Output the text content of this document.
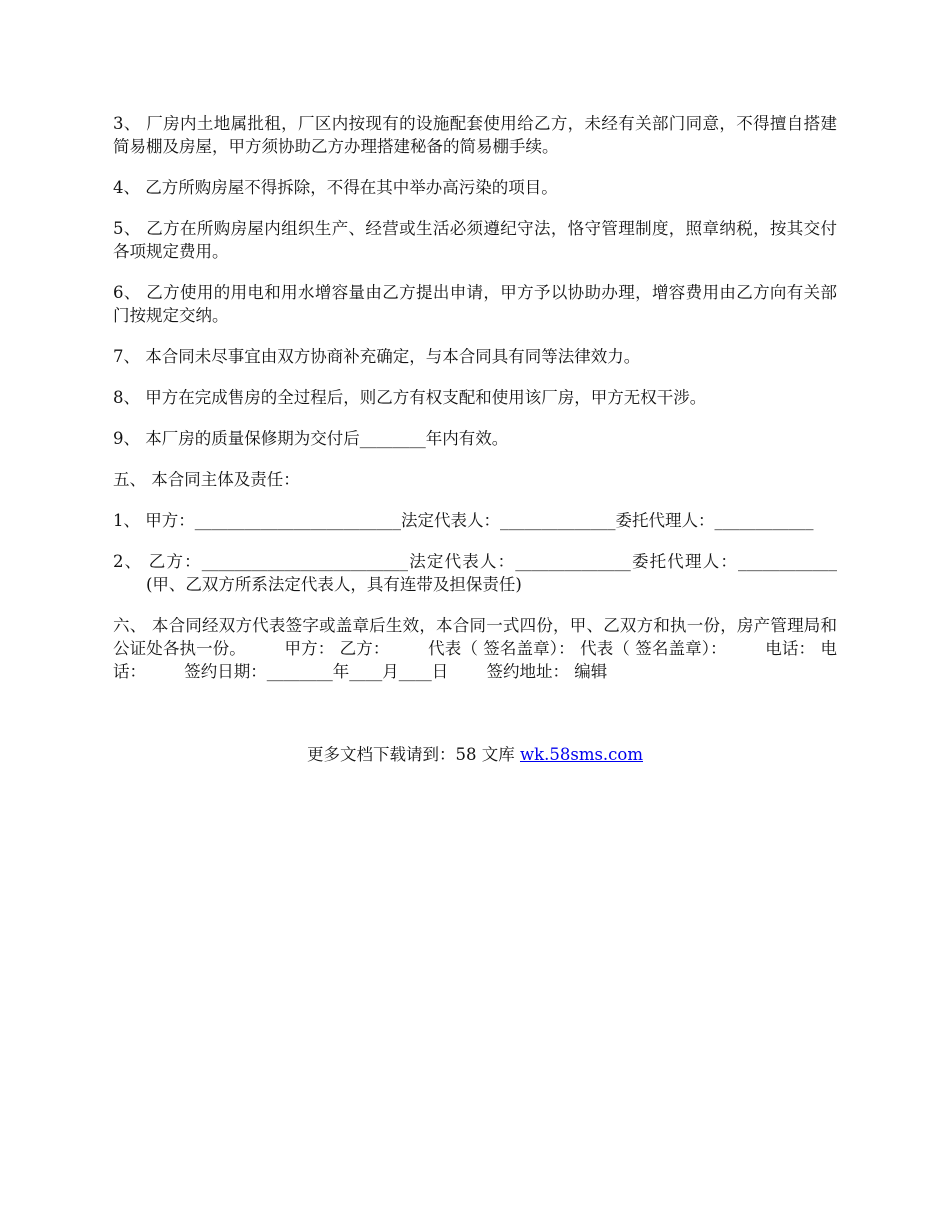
3、 厂房内土地属批租，厂区内按现有的设施配套使用给乙方，未经有关部门同意，不得擅自搭建简易棚及房屋，甲方须协助乙方办理搭建秘备的简易棚手续。

4、 乙方所购房屋不得拆除，不得在其中举办高污染的项目。

5、 乙方在所购房屋内组织生产、经营或生活必须遵纪守法，恪守管理制度，照章纳税，按其交付各项规定费用。

6、 乙方使用的用电和用水增容量由乙方提出申请，甲方予以协助办理，增容费用由乙方向有关部门按规定交纳。

7、 本合同未尽事宜由双方协商补充确定，与本合同具有同等法律效力。

8、 甲方在完成售房的全过程后，则乙方有权支配和使用该厂房，甲方无权干涉。

9、 本厂房的质量保修期为交付后________年内有效。

五、 本合同主体及责任：

1、 甲方：_________________________法定代表人：______________委托代理人：____________

2、 乙方：_________________________法定代表人：______________委托代理人：____________ 　　(甲、乙双方所系法定代表人，具有连带及担保责任)

六、 本合同经双方代表签字或盖章后生效，本合同一式四份，甲、乙双方和执一份，房产管理局和公证处各执一份。 　　甲方： 乙方： 　　代表（ 签名盖章）： 代表（ 签名盖章）： 　　电话： 电话： 　　签约日期：________年____月____日 　　签约地址： 编辑

更多文档下载请到：58 文库 wk.58sms.com
